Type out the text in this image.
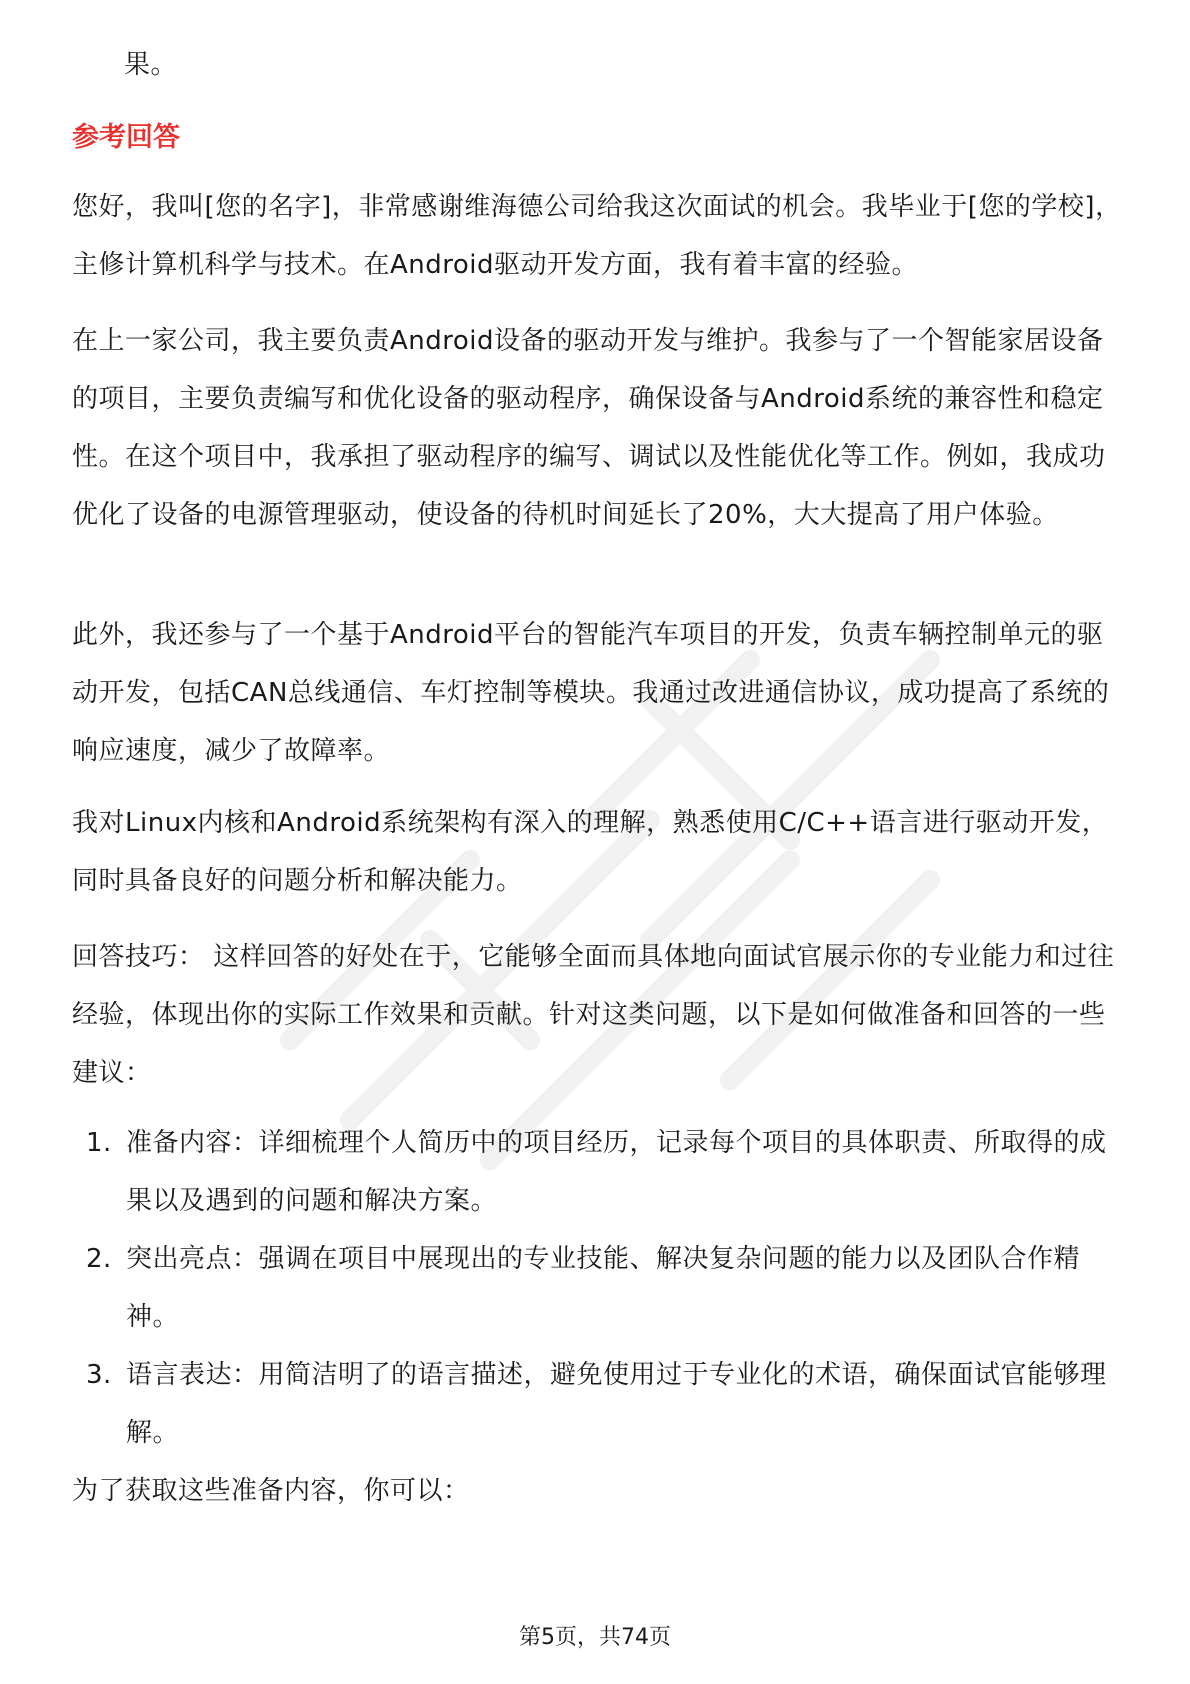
果。
参考回答
您好，我叫[您的名字]，非常感谢维海德公司给我这次面试的机会。我毕业于[您的学校]，主修计算机科学与技术。在Android驱动开发方面，我有着丰富的经验。
在上一家公司，我主要负责Android设备的驱动开发与维护。我参与了一个智能家居设备的项目，主要负责编写和优化设备的驱动程序，确保设备与Android系统的兼容性和稳定性。在这个项目中，我承担了驱动程序的编写、调试以及性能优化等工作。例如，我成功优化了设备的电源管理驱动，使设备的待机时间延长了20%，大大提高了用户体验。
此外，我还参与了一个基于Android平台的智能汽车项目的开发，负责车辆控制单元的驱动开发，包括CAN总线通信、车灯控制等模块。我通过改进通信协议，成功提高了系统的响应速度，减少了故障率。
我对Linux内核和Android系统架构有深入的理解，熟悉使用C/C++语言进行驱动开发，同时具备良好的问题分析和解决能力。
回答技巧： 这样回答的好处在于，它能够全面而具体地向面试官展示你的专业能力和过往经验，体现出你的实际工作效果和贡献。针对这类问题，以下是如何做准备和回答的一些建议：
1. 准备内容：详细梳理个人简历中的项目经历，记录每个项目的具体职责、所取得的成果以及遇到的问题和解决方案。
2. 突出亮点：强调在项目中展现出的专业技能、解决复杂问题的能力以及团队合作精神。
3. 语言表达：用简洁明了的语言描述，避免使用过于专业化的术语，确保面试官能够理解。
为了获取这些准备内容，你可以：
第5页，共74页
